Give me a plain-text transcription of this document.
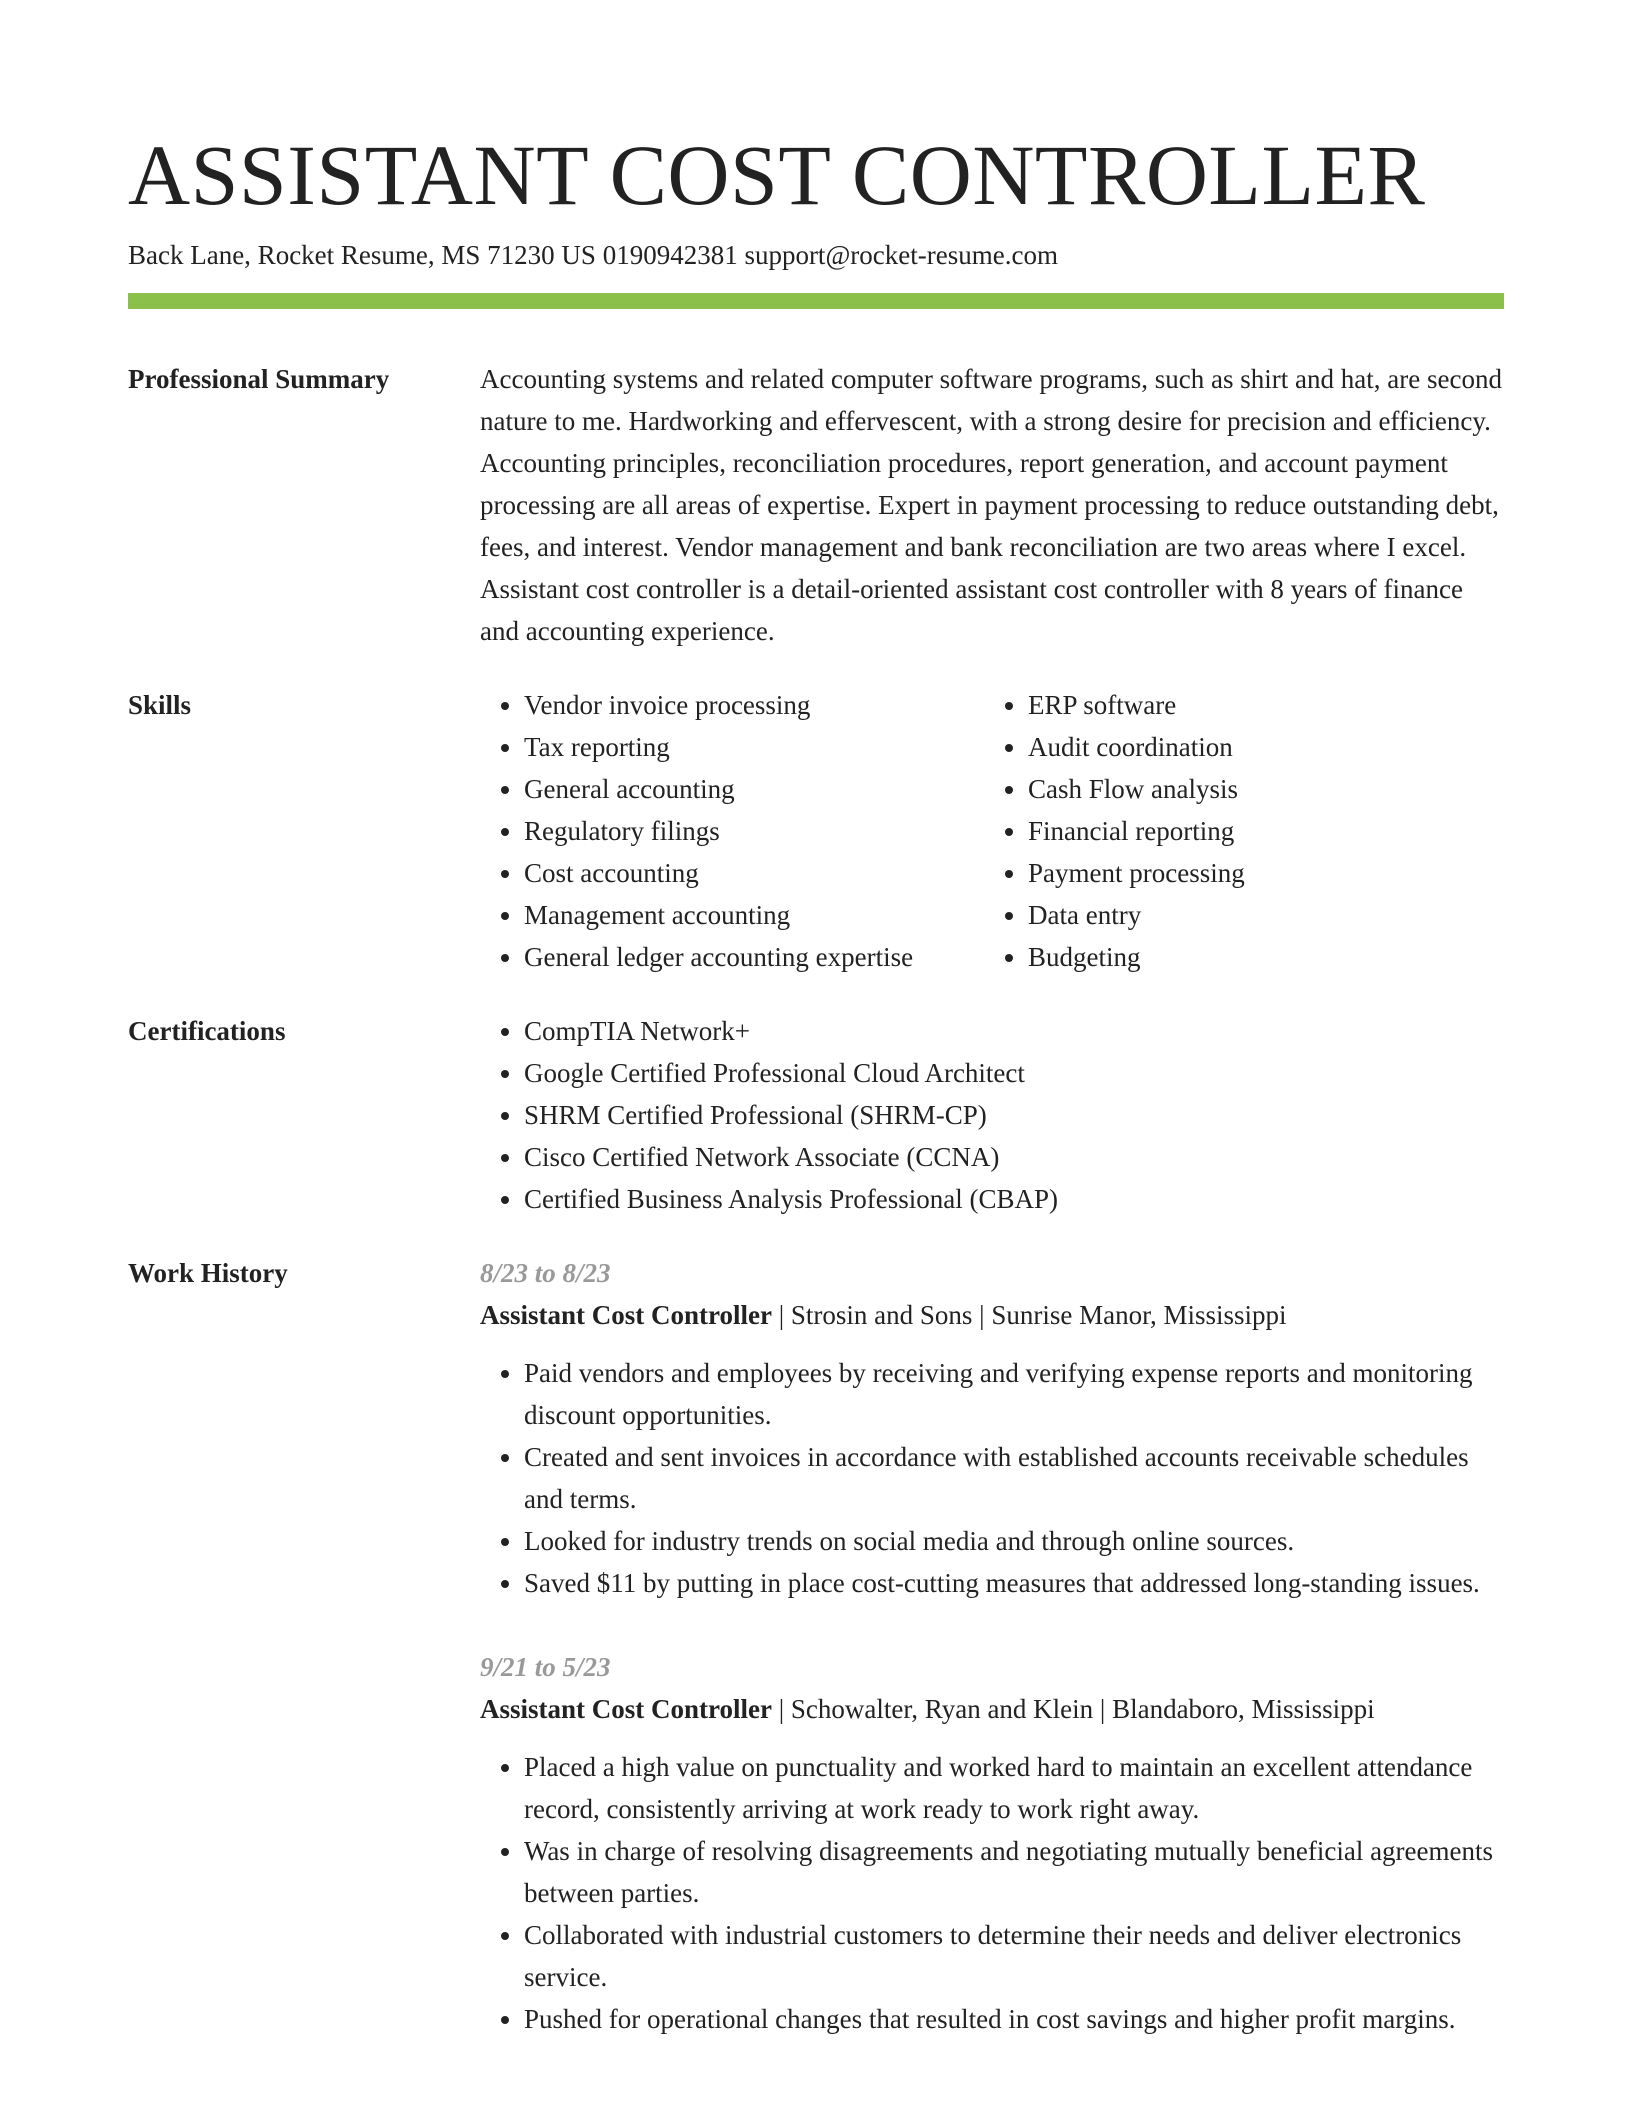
ASSISTANT COST CONTROLLER
Back Lane, Rocket Resume, MS 71230 US 0190942381 support@rocket-resume.com
Professional Summary	Accounting systems and related computer software programs, such as shirt and hat, are second nature to me. Hardworking and effervescent, with a strong desire for precision and efficiency. Accounting principles, reconciliation procedures, report generation, and account payment processing are all areas of expertise. Expert in payment processing to reduce outstanding debt, fees, and interest. Vendor management and bank reconciliation are two areas where I excel. Assistant cost controller is a detail-oriented assistant cost controller with 8 years of finance and accounting experience.

Skills	• Vendor invoice processing
• Tax reporting
• General accounting
• Regulatory filings
• Cost accounting
• Management accounting
• General ledger accounting expertise
• ERP software
• Audit coordination
• Cash Flow analysis
• Financial reporting
• Payment processing
• Data entry
• Budgeting
Certifications	• CompTIA Network+
• Google Certified Professional Cloud Architect
• SHRM Certified Professional (SHRM-CP)
• Cisco Certified Network Associate (CCNA)
• Certified Business Analysis Professional (CBAP)
Work History	8/23 to 8/23
Assistant Cost Controller | Strosin and Sons | Sunrise Manor, Mississippi
• Paid vendors and employees by receiving and verifying expense reports and monitoring discount opportunities.
• Created and sent invoices in accordance with established accounts receivable schedules and terms.
• Looked for industry trends on social media and through online sources.
• Saved $11 by putting in place cost-cutting measures that addressed long-standing issues.
9/21 to 5/23
Assistant Cost Controller | Schowalter, Ryan and Klein | Blandaboro, Mississippi
• Placed a high value on punctuality and worked hard to maintain an excellent attendance record, consistently arriving at work ready to work right away.
• Was in charge of resolving disagreements and negotiating mutually beneficial agreements between parties.
• Collaborated with industrial customers to determine their needs and deliver electronics service.
• Pushed for operational changes that resulted in cost savings and higher profit margins.
